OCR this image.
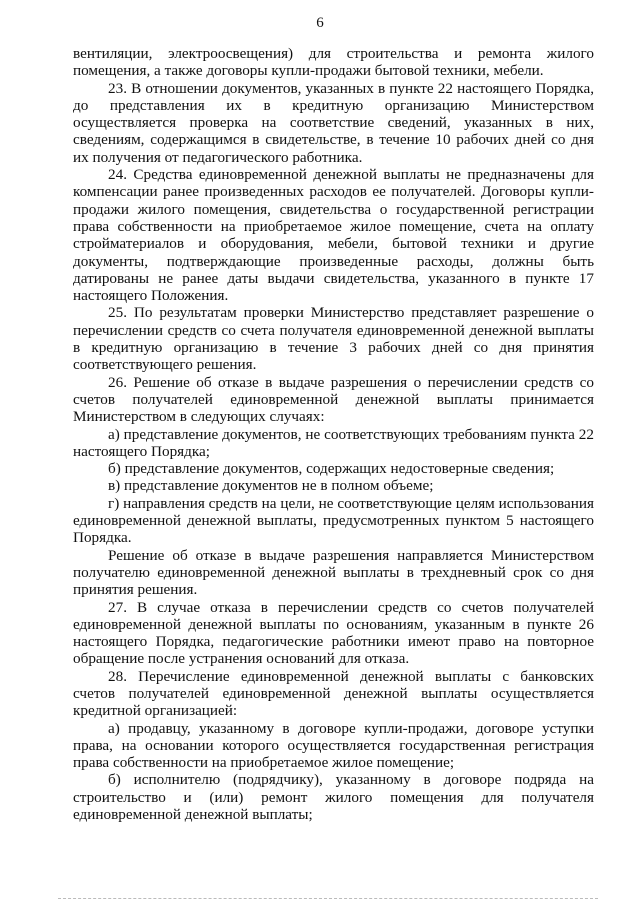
6

вентиляции, электроосвещения) для строительства и ремонта жилого помещения, а также договоры купли-продажи бытовой техники, мебели.

23. В отношении документов, указанных в пункте 22 настоящего Порядка, до представления их в кредитную организацию Министерством осуществляется проверка на соответствие сведений, указанных в них, сведениям, содержащимся в свидетельстве, в течение 10 рабочих дней со дня их получения от педагогического работника.

24. Средства единовременной денежной выплаты не предназначены для компенсации ранее произведенных расходов ее получателей. Договоры купли-продажи жилого помещения, свидетельства о государственной регистрации права собственности на приобретаемое жилое помещение, счета на оплату стройматериалов и оборудования, мебели, бытовой техники и другие документы, подтверждающие произведенные расходы, должны быть датированы не ранее даты выдачи свидетельства, указанного в пункте 17 настоящего Положения.

25. По результатам проверки Министерство представляет разрешение о перечислении средств со счета получателя единовременной денежной выплаты в кредитную организацию в течение 3 рабочих дней со дня принятия соответствующего решения.

26. Решение об отказе в выдаче разрешения о перечислении средств со счетов получателей единовременной денежной выплаты принимается Министерством в следующих случаях:

а) представление документов, не соответствующих требованиям пункта 22 настоящего Порядка;

б) представление документов, содержащих недостоверные сведения;

в) представление документов не в полном объеме;

г) направления средств на цели, не соответствующие целям использования единовременной денежной выплаты, предусмотренных пунктом 5 настоящего Порядка.

Решение об отказе в выдаче разрешения направляется Министерством получателю единовременной денежной выплаты в трехдневный срок со дня принятия решения.

27. В случае отказа в перечислении средств со счетов получателей единовременной денежной выплаты по основаниям, указанным в пункте 26 настоящего Порядка, педагогические работники имеют право на повторное обращение после устранения оснований для отказа.

28. Перечисление единовременной денежной выплаты с банковских счетов получателей единовременной денежной выплаты осуществляется кредитной организацией:

а) продавцу, указанному в договоре купли-продажи, договоре уступки права, на основании которого осуществляется государственная регистрация права собственности на приобретаемое жилое помещение;

б) исполнителю (подрядчику), указанному в договоре подряда на строительство и (или) ремонт жилого помещения для получателя единовременной денежной выплаты;
